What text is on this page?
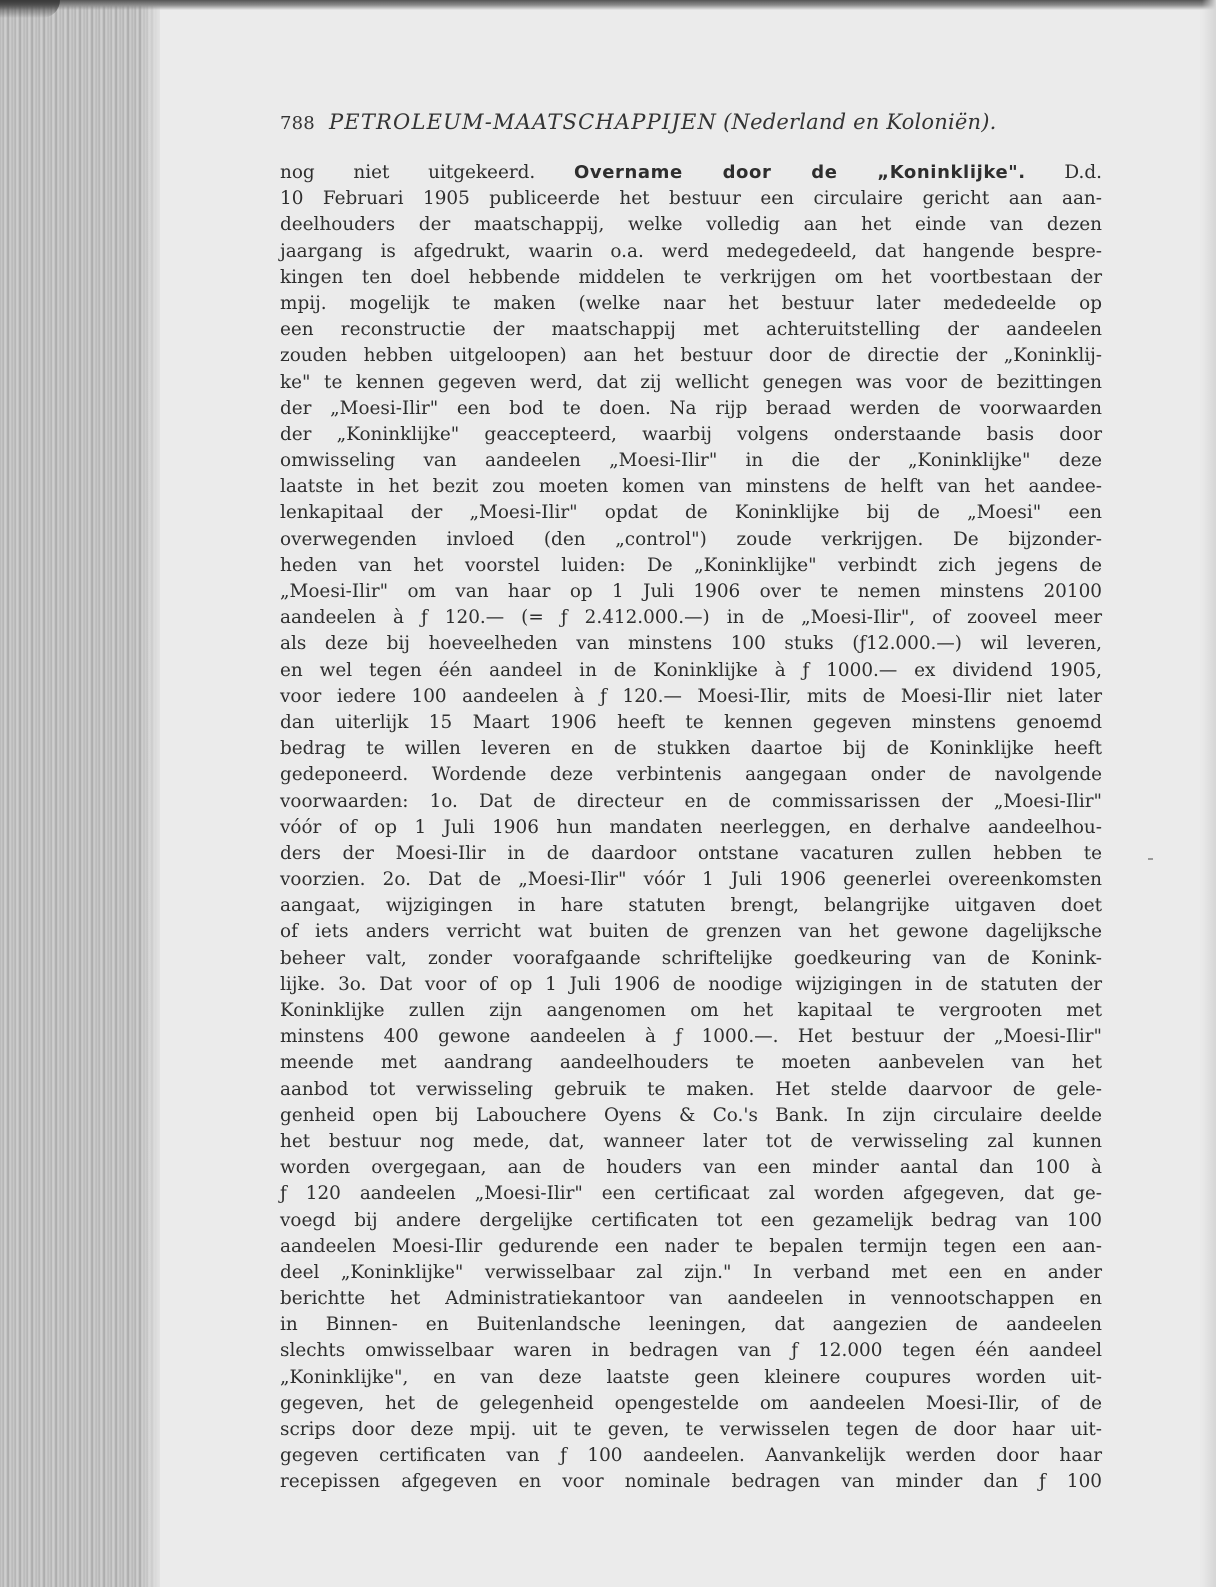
788 PETROLEUM-MAATSCHAPPIJEN (Nederland en Koloniën).
nog niet uitgekeerd. Overname door de „Koninklijke". D.d.
10 Februari 1905 publiceerde het bestuur een circulaire gericht aan aan-
deelhouders der maatschappij, welke volledig aan het einde van dezen
jaargang is afgedrukt, waarin o.a. werd medegedeeld, dat hangende bespre-
kingen ten doel hebbende middelen te verkrijgen om het voortbestaan der
mpij. mogelijk te maken (welke naar het bestuur later mededeelde op
een reconstructie der maatschappij met achteruitstelling der aandeelen
zouden hebben uitgeloopen) aan het bestuur door de directie der „Koninklij-
ke" te kennen gegeven werd, dat zij wellicht genegen was voor de bezittingen
der „Moesi-Ilir" een bod te doen. Na rijp beraad werden de voorwaarden
der „Koninklijke" geaccepteerd, waarbij volgens onderstaande basis door
omwisseling van aandeelen „Moesi-Ilir" in die der „Koninklijke" deze
laatste in het bezit zou moeten komen van minstens de helft van het aandee-
lenkapitaal der „Moesi-Ilir" opdat de Koninklijke bij de „Moesi" een
overwegenden invloed (den „control") zoude verkrijgen. De bijzonder-
heden van het voorstel luiden: De „Koninklijke" verbindt zich jegens de
„Moesi-Ilir" om van haar op 1 Juli 1906 over te nemen minstens 20100
aandeelen à ƒ 120.— (= ƒ 2.412.000.—) in de „Moesi-Ilir", of zooveel meer
als deze bij hoeveelheden van minstens 100 stuks (ƒ12.000.—) wil leveren,
en wel tegen één aandeel in de Koninklijke à ƒ 1000.— ex dividend 1905,
voor iedere 100 aandeelen à ƒ 120.— Moesi-Ilir, mits de Moesi-Ilir niet later
dan uiterlijk 15 Maart 1906 heeft te kennen gegeven minstens genoemd
bedrag te willen leveren en de stukken daartoe bij de Koninklijke heeft
gedeponeerd. Wordende deze verbintenis aangegaan onder de navolgende
voorwaarden: 1o. Dat de directeur en de commissarissen der „Moesi-Ilir"
vóór of op 1 Juli 1906 hun mandaten neerleggen, en derhalve aandeelhou-
ders der Moesi-Ilir in de daardoor ontstane vacaturen zullen hebben te
voorzien. 2o. Dat de „Moesi-Ilir" vóór 1 Juli 1906 geenerlei overeenkomsten
aangaat, wijzigingen in hare statuten brengt, belangrijke uitgaven doet
of iets anders verricht wat buiten de grenzen van het gewone dagelijksche
beheer valt, zonder voorafgaande schriftelijke goedkeuring van de Konink-
lijke. 3o. Dat voor of op 1 Juli 1906 de noodige wijzigingen in de statuten der
Koninklijke zullen zijn aangenomen om het kapitaal te vergrooten met
minstens 400 gewone aandeelen à ƒ 1000.—. Het bestuur der „Moesi-Ilir"
meende met aandrang aandeelhouders te moeten aanbevelen van het
aanbod tot verwisseling gebruik te maken. Het stelde daarvoor de gele-
genheid open bij Labouchere Oyens & Co.'s Bank. In zijn circulaire deelde
het bestuur nog mede, dat, wanneer later tot de verwisseling zal kunnen
worden overgegaan, aan de houders van een minder aantal dan 100 à
ƒ 120 aandeelen „Moesi-Ilir" een certificaat zal worden afgegeven, dat ge-
voegd bij andere dergelijke certificaten tot een gezamelijk bedrag van 100
aandeelen Moesi-Ilir gedurende een nader te bepalen termijn tegen een aan-
deel „Koninklijke" verwisselbaar zal zijn." In verband met een en ander
berichtte het Administratiekantoor van aandeelen in vennootschappen en
in Binnen- en Buitenlandsche leeningen, dat aangezien de aandeelen
slechts omwisselbaar waren in bedragen van ƒ 12.000 tegen één aandeel
„Koninklijke", en van deze laatste geen kleinere coupures worden uit-
gegeven, het de gelegenheid opengestelde om aandeelen Moesi-Ilir, of de
scrips door deze mpij. uit te geven, te verwisselen tegen de door haar uit-
gegeven certificaten van ƒ 100 aandeelen. Aanvankelijk werden door haar
recepissen afgegeven en voor nominale bedragen van minder dan ƒ 100
